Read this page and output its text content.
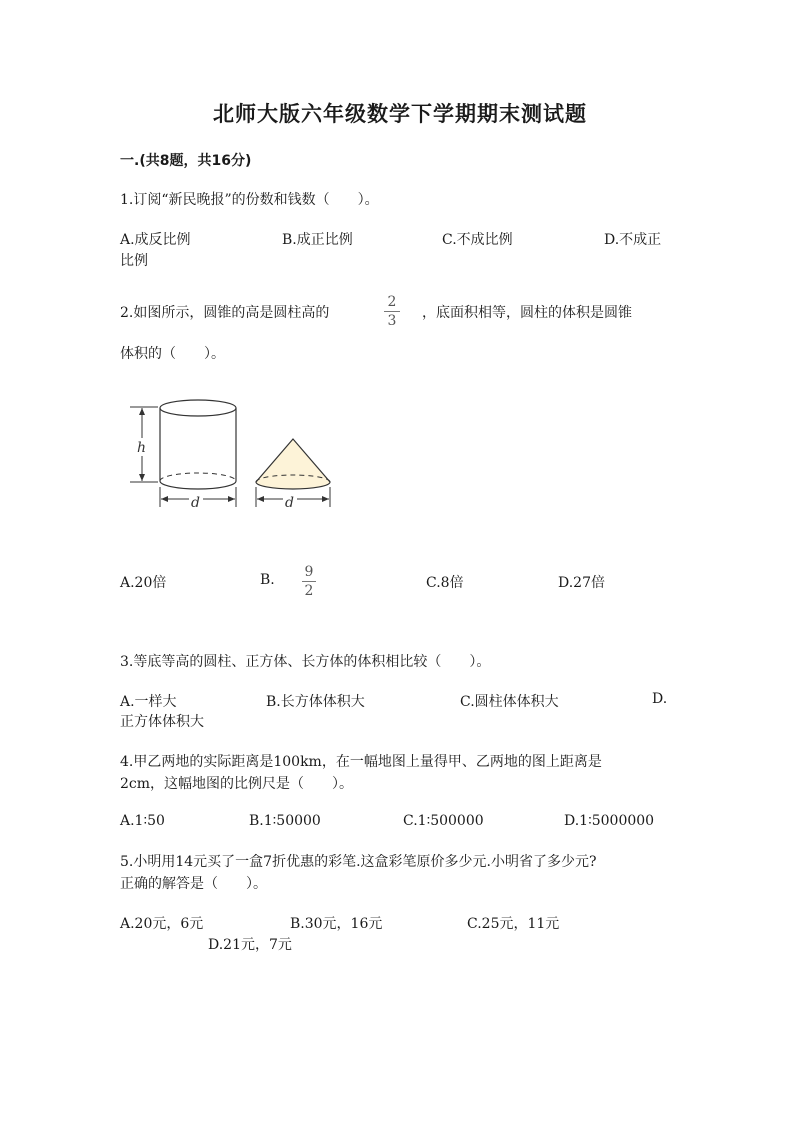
北师大版六年级数学下学期期末测试题
一.(共8题，共16分)
1.订阅“新民晚报”的份数和钱数（　　）。
A.成反比例	B.成正比例	C.不成比例	D.不成正
比例
2.如图所示，圆锥的高是圆柱高的
2
3 ，底面积相等，圆柱的体积是圆锥
体积的（　　）。
h
d	d
A.20倍	B. 9
2	C.8倍	D.27倍
3.等底等高的圆柱、正方体、长方体的体积相比较（　　）。
A.一样大	B.长方体体积大	C.圆柱体体积大	D.
正方体体积大
4.甲乙两地的实际距离是100km，在一幅地图上量得甲、乙两地的图上距离是
2cm，这幅地图的比例尺是（　　）。
A.1∶50	B.1∶50000	C.1∶500000	D.1∶5000000
5.小明用14元买了一盒7折优惠的彩笔.这盒彩笔原价多少元.小明省了多少元?
正确的解答是（　　）。
A.20元，6元	B.30元，16元	C.25元，11元
D.21元，7元
